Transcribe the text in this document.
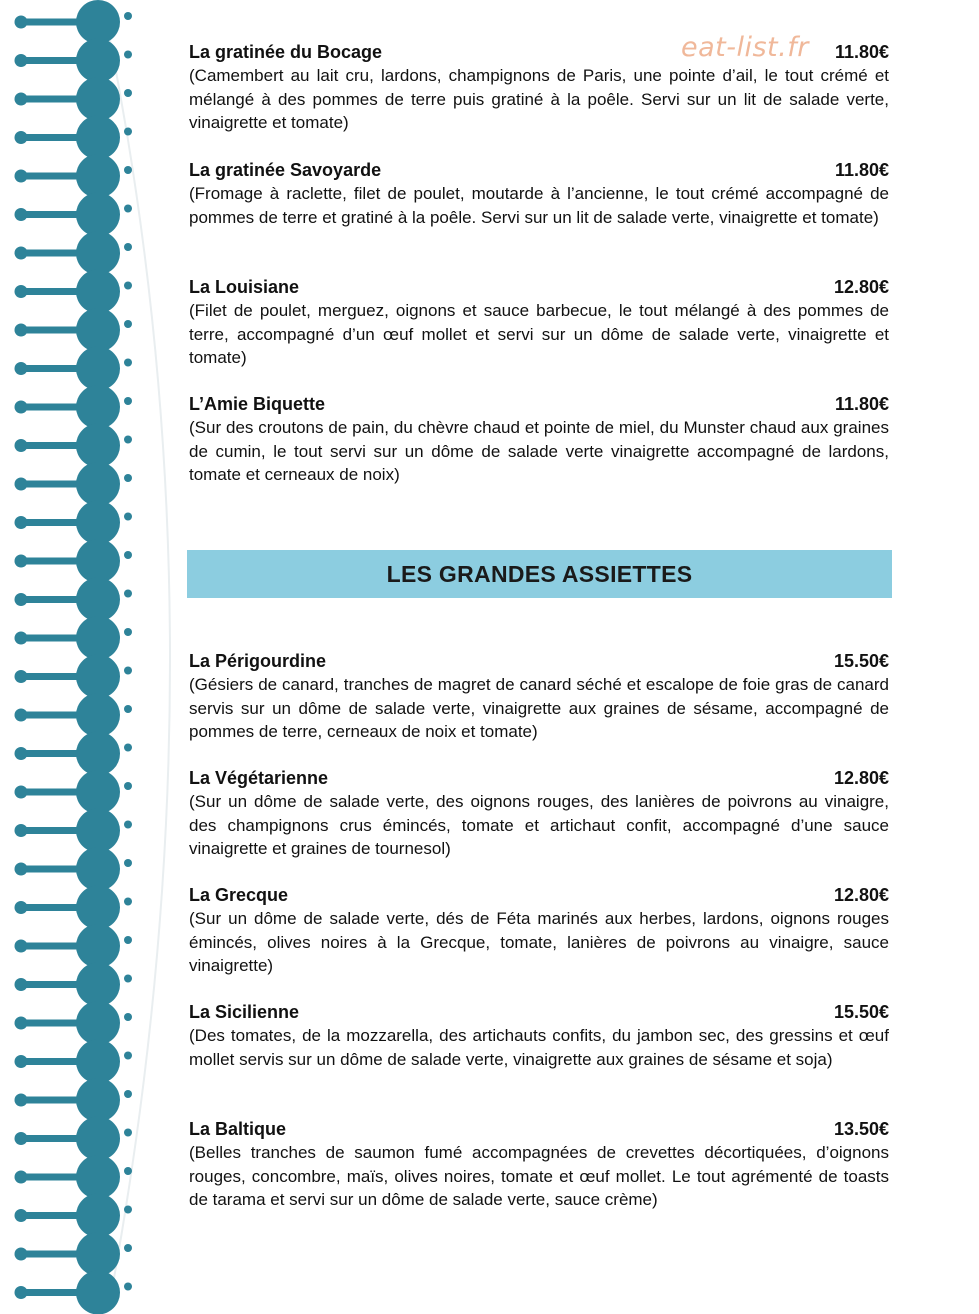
eat-list.fr
La gratinée du Bocage	11.80€
(Camembert au lait cru, lardons, champignons de Paris, une pointe d’ail, le tout crémé et mélangé à des pommes de terre puis gratiné à la poêle. Servi sur un lit de salade verte, vinaigrette et tomate)
La gratinée Savoyarde	11.80€
(Fromage à raclette, filet de poulet, moutarde à l’ancienne, le tout crémé accompagné de pommes de terre et gratiné à la poêle. Servi sur un lit de salade verte, vinaigrette et tomate)
La Louisiane	12.80€
(Filet de poulet, merguez, oignons et sauce barbecue, le tout mélangé à des pommes de terre, accompagné d’un œuf mollet et servi sur un dôme de salade verte, vinaigrette et tomate)
L’Amie Biquette	11.80€
(Sur des croutons de pain, du chèvre chaud et pointe de miel, du Munster chaud aux graines de cumin, le tout servi sur un dôme de salade verte vinaigrette accompagné de lardons, tomate et cerneaux de noix)
LES GRANDES ASSIETTES
La Périgourdine	15.50€
(Gésiers de canard, tranches de magret de canard séché et escalope de foie gras de canard servis sur un dôme de salade verte, vinaigrette aux graines de sésame, accompagné de pommes de terre, cerneaux de noix et tomate)
La Végétarienne	12.80€
(Sur un dôme de salade verte, des oignons rouges, des lanières de poivrons au vinaigre, des champignons crus émincés, tomate et artichaut confit, accompagné d’une sauce vinaigrette et graines de tournesol)
La Grecque	12.80€
(Sur un dôme de salade verte, dés de Féta marinés aux herbes, lardons, oignons rouges émincés, olives noires à la Grecque, tomate, lanières de poivrons au vinaigre, sauce vinaigrette)
La Sicilienne	15.50€
(Des tomates, de la mozzarella, des artichauts confits, du jambon sec, des gressins et œuf mollet servis sur un dôme de salade verte, vinaigrette aux graines de sésame et soja)
La Baltique	13.50€
(Belles tranches de saumon fumé accompagnées de crevettes décortiquées, d’oignons rouges, concombre, maïs, olives noires, tomate et œuf mollet. Le tout agrémenté de toasts de tarama et servi sur un dôme de salade verte, sauce crème)
